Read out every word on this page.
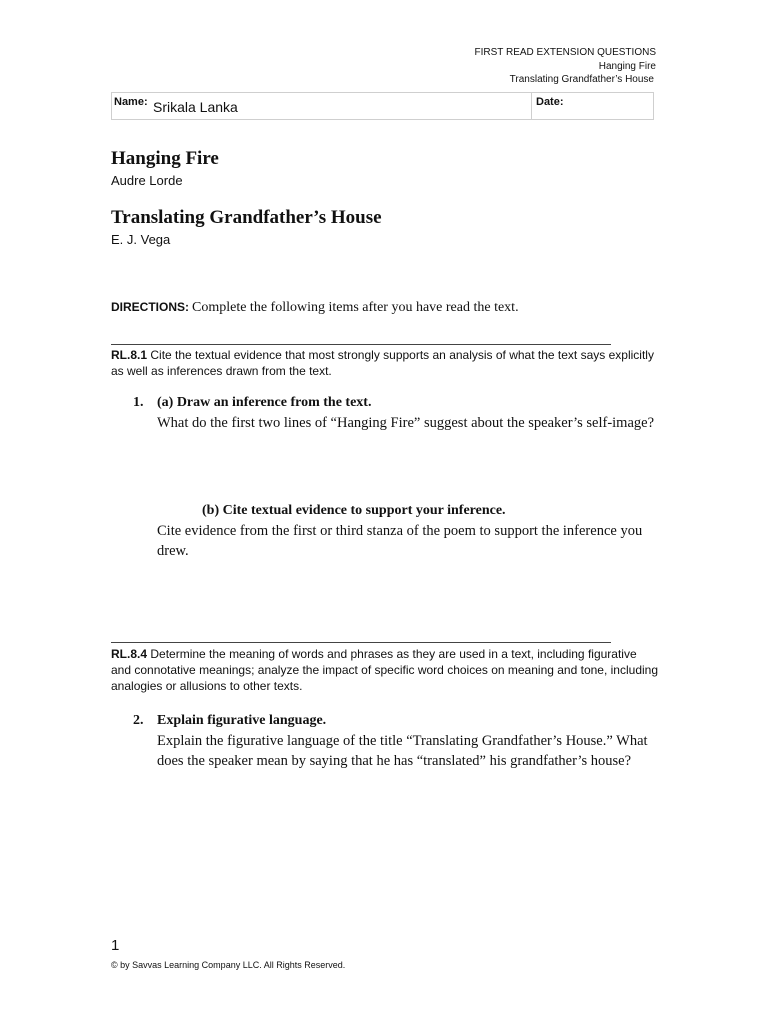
FIRST READ EXTENSION QUESTIONS
Hanging Fire
Translating Grandfather’s House
Name: Srikala Lanka	Date:
Hanging Fire
Audre Lorde
Translating Grandfather’s House
E. J. Vega
DIRECTIONS: Complete the following items after you have read the text.
RL.8.1 Cite the textual evidence that most strongly supports an analysis of what the text says explicitly as well as inferences drawn from the text.
1. (a) Draw an inference from the text.
What do the first two lines of “Hanging Fire” suggest about the speaker’s self-image?
(b) Cite textual evidence to support your inference.
Cite evidence from the first or third stanza of the poem to support the inference you drew.
RL.8.4 Determine the meaning of words and phrases as they are used in a text, including figurative and connotative meanings; analyze the impact of specific word choices on meaning and tone, including analogies or allusions to other texts.
2. Explain figurative language.
Explain the figurative language of the title “Translating Grandfather’s House.” What does the speaker mean by saying that he has “translated” his grandfather’s house?
1
© by Savvas Learning Company LLC. All Rights Reserved.
